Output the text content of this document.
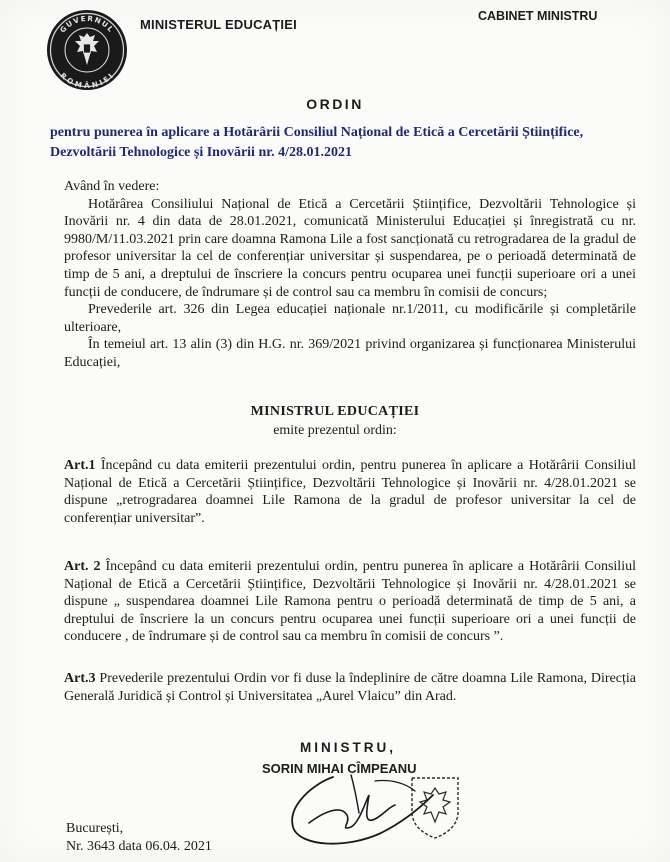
GUVERNUL
ROMÂNIEI
MINISTERUL EDUCAȚIEI
CABINET MINISTRU
ORDIN
pentru punerea în aplicare a Hotărârii Consiliul Național de Etică a Cercetării Științifice, Dezvoltării Tehnologice și Inovării nr. 4/28.01.2021

Având în vedere:

Hotărârea Consiliului Național de Etică a Cercetării Științifice, Dezvoltării Tehnologice și Inovării nr. 4 din data de 28.01.2021, comunicată Ministerului Educației și înregistrată cu nr. 9980/M/11.03.2021 prin care doamna Ramona Lile a fost sancționată cu retrogradarea de la gradul de profesor universitar la cel de conferențiar universitar și suspendarea, pe o perioadă determinată de timp de 5 ani, a dreptului de înscriere la concurs pentru ocuparea unei funcții superioare ori a unei funcții de conducere, de îndrumare și de control sau ca membru în comisii de concurs;

Prevederile art. 326 din Legea educației naționale nr.1/2011, cu modificările și completările ulterioare,

În temeiul art. 13 alin (3) din H.G. nr. 369/2021 privind organizarea și funcționarea Ministerului Educației,

MINISTRUL EDUCAȚIEI
emite prezentul ordin:

Art.1 Începând cu data emiterii prezentului ordin, pentru punerea în aplicare a Hotărârii Consiliul Național de Etică a Cercetării Științifice, Dezvoltării Tehnologice și Inovării nr. 4/28.01.2021 se dispune „retrogradarea doamnei Lile Ramona de la gradul de profesor universitar la cel de conferențiar universitar”.

Art. 2 Începând cu data emiterii prezentului ordin, pentru punerea în aplicare a Hotărârii Consiliul Național de Etică a Cercetării Științifice, Dezvoltării Tehnologice și Inovării nr. 4/28.01.2021 se dispune „ suspendarea doamnei Lile Ramona pentru o perioadă determinată de timp de 5 ani, a dreptului de înscriere la un concurs pentru ocuparea unei funcții superioare ori a unei funcții de conducere , de îndrumare și de control sau ca membru în comisii de concurs ”.

Art.3 Prevederile prezentului Ordin vor fi duse la îndeplinire de către doamna Lile Ramona, Direcția Generală Juridică și Control și Universitatea „Aurel Vlaicu” din Arad.

MINISTRU,
SORIN MIHAI CÎMPEANU
București,
Nr. 3643 data 06.04. 2021
